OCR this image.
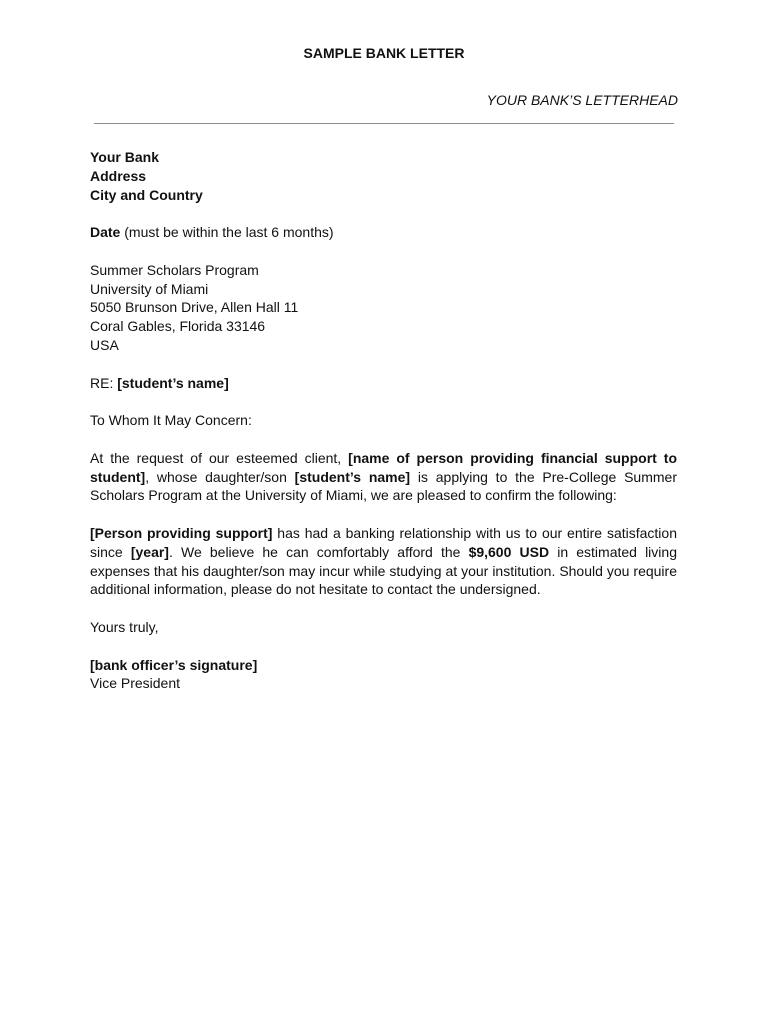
SAMPLE BANK LETTER
YOUR BANK’S LETTERHEAD

Your Bank
Address
City and Country

Date (must be within the last 6 months)

Summer Scholars Program
University of Miami
5050 Brunson Drive, Allen Hall 11
Coral Gables, Florida 33146
USA

RE: [student’s name]

To Whom It May Concern:

At the request of our esteemed client, [name of person providing financial support to student], whose daughter/son [student’s name] is applying to the Pre-College Summer Scholars Program at the University of Miami, we are pleased to confirm the following:

[Person providing support] has had a banking relationship with us to our entire satisfaction since [year]. We believe he can comfortably afford the $9,600 USD in estimated living expenses that his daughter/son may incur while studying at your institution. Should you require additional information, please do not hesitate to contact the undersigned.

Yours truly,

[bank officer’s signature]
Vice President
